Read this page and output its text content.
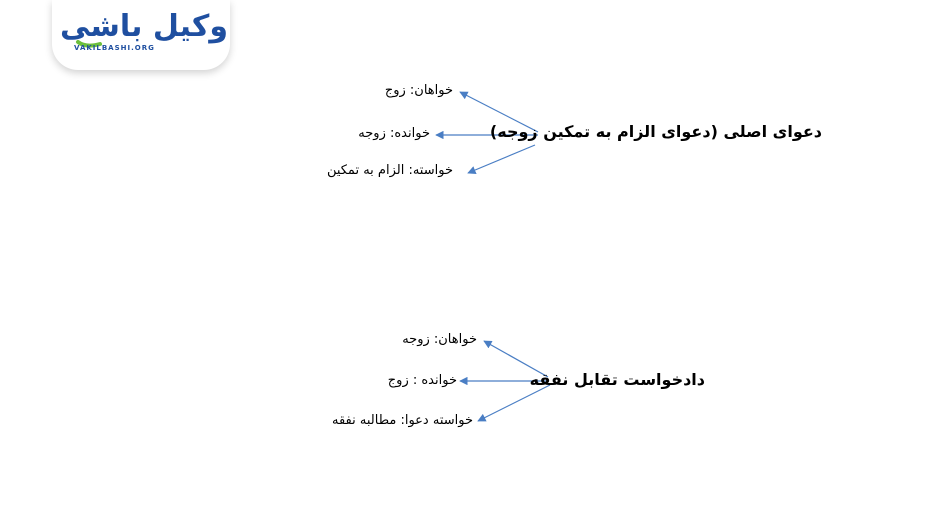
وکیل باشی
VAKILBASHI.ORG
دعوای اصلی (دعوای الزام به تمکین زوجه)
خواهان: زوج
خوانده: زوجه
خواسته: الزام به تمکین
دادخواست تقابل نفقه
خواهان: زوجه
خوانده : زوج
خواسته دعوا: مطالبه نفقه
